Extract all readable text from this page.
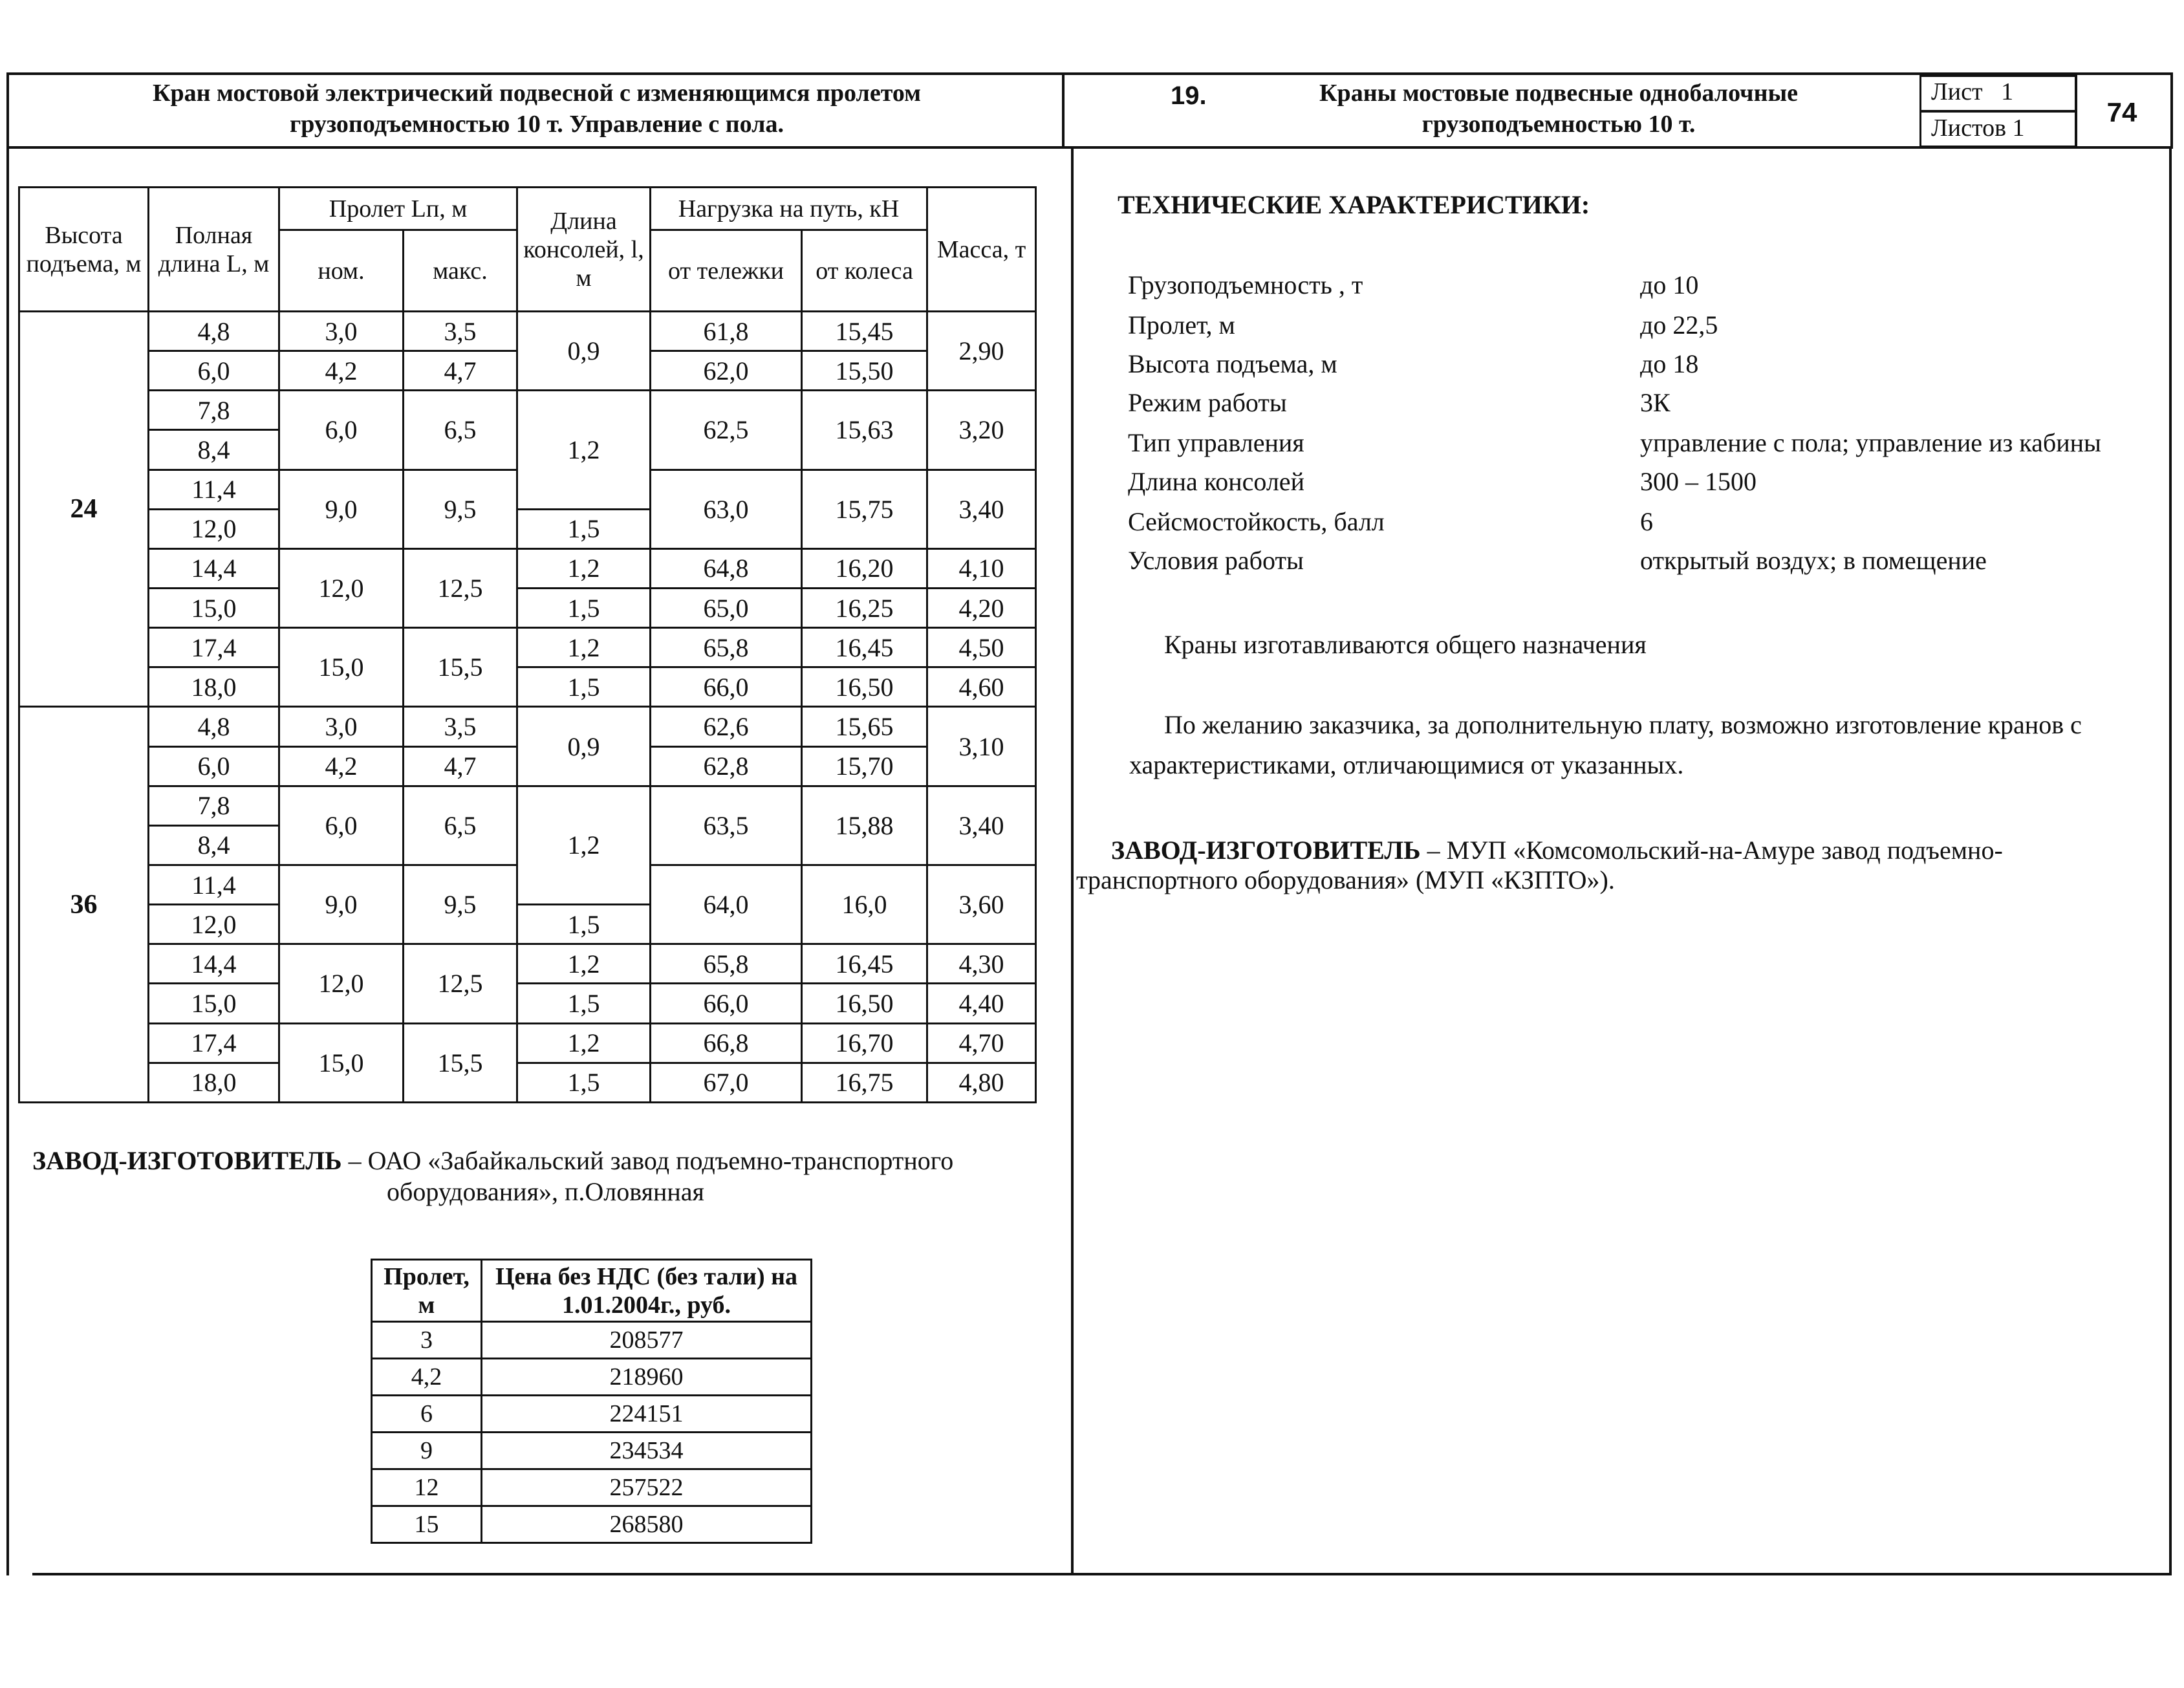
Кран мостовой электрический подвесной с изменяющимся пролетом
грузоподъемностью 10 т. Управление с пола.
19.	Краны мостовые подвесные однобалочные
грузоподъемностью 10 т.
Лист   1
Листов 1
74
Высота подъема, м	Полная длина L, м	Пролет Lп, м		Длина консолей, l, м	Нагрузка на путь, кН		Масса, т
		ном.	макс.		от тележки	от колеса	
24	4,8	3,0	3,5	0,9	61,8	15,45	2,90
	6,0	4,2	4,7		62,0	15,50	
	7,8	6,0	6,5	1,2	62,5	15,63	3,20
	8,4						
	11,4	9,0	9,5		63,0	15,75	3,40
	12,0			1,5			
	14,4	12,0	12,5	1,2	64,8	16,20	4,10
	15,0			1,5	65,0	16,25	4,20
	17,4	15,0	15,5	1,2	65,8	16,45	4,50
	18,0			1,5	66,0	16,50	4,60
36	4,8	3,0	3,5	0,9	62,6	15,65	3,10
	6,0	4,2	4,7		62,8	15,70	
	7,8	6,0	6,5	1,2	63,5	15,88	3,40
	8,4						
	11,4	9,0	9,5		64,0	16,0	3,60
	12,0			1,5			
	14,4	12,0	12,5	1,2	65,8	16,45	4,30
	15,0			1,5	66,0	16,50	4,40
	17,4	15,0	15,5	1,2	66,8	16,70	4,70
	18,0			1,5	67,0	16,75	4,80
ЗАВОД-ИЗГОТОВИТЕЛЬ – ОАО «Забайкальский завод подъемно-транспортного
оборудования», п.Оловянная
Пролет, м	Цена без НДС (без тали) на 1.01.2004г., руб.
3	208577
4,2	218960
6	224151
9	234534
12	257522
15	268580
ТЕХНИЧЕСКИЕ ХАРАКТЕРИСТИКИ:
Грузоподъемность , т	до 10
Пролет, м	до 22,5
Высота подъема, м	до 18
Режим работы	3К
Тип управления	управление с пола; управление из кабины
Длина консолей	300 – 1500
Сейсмостойкость, балл	6
Условия работы	открытый воздух; в помещение
Краны изготавливаются общего назначения
По желанию заказчика, за дополнительную плату, возможно изготовление кранов с
характеристиками, отличающимися от указанных.
ЗАВОД-ИЗГОТОВИТЕЛЬ – МУП «Комсомольский-на-Амуре завод подъемно-
транспортного оборудования» (МУП «КЗПТО»).
